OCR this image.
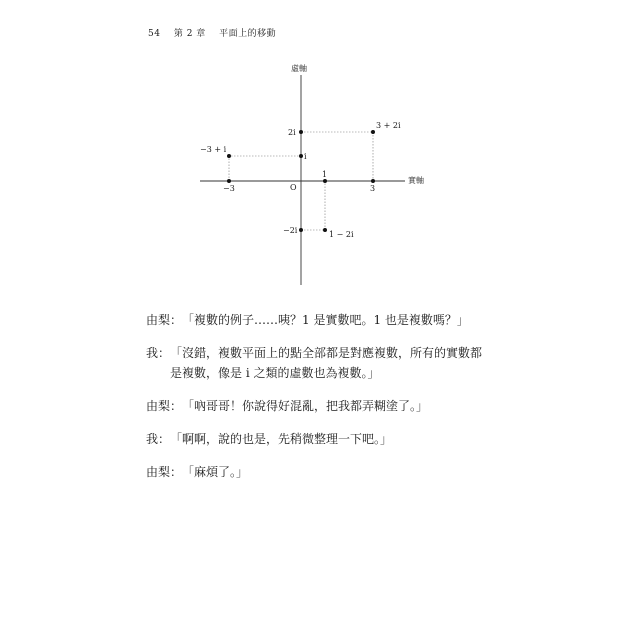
54 第 2 章 平面上的移動
虛軸
實軸
O
3 + 2i
−3 + i
i
1 − 2i
−3
1
3
2i
−2i
由梨： 「複數的例子……咦？1 是實數吧。1 也是複數嗎？」
我： 「沒錯，複數平面上的點全部都是對應複數，所有的實數都是複數，像是 i 之類的虛數也為複數。」
由梨： 「吶哥哥！你說得好混亂，把我都弄糊塗了。」
我： 「啊啊，說的也是，先稍微整理一下吧。」
由梨： 「麻煩了。」
